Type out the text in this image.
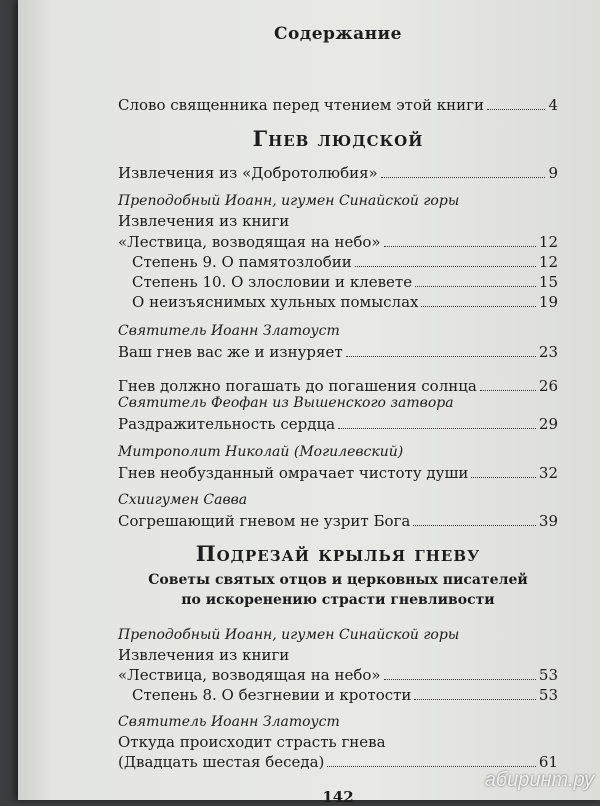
Содержание
Слово священника перед чтением этой книги	4
Гнев людской
Извлечения из «Добротолюбия»	9
Преподобный Иоанн, игумен Синайской горы
Извлечения из книги
«Лествица, возводящая на небо»	12
Степень 9. О памятозлобии	12
Степень 10. О злословии и клевете	15
О неизъяснимых хульных помыслах	19
Святитель Иоанн Златоуст
Ваш гнев вас же и изнуряет	23
Гнев должно погашать до погашения солнца	26
Святитель Феофан из Вышенского затвора
Раздражительность сердца	29
Митрополит Николай (Могилевский)
Гнев необузданный омрачает чистоту души	32
Схиигумен Савва
Согрешающий гневом не узрит Бога	39
Подрезай крылья гневу
Советы святых отцов и церковных писателей
по искоренению страсти гневливости
Преподобный Иоанн, игумен Синайской горы
Извлечения из книги
«Лествица, возводящая на небо»	53
Степень 8. О безгневии и кротости	53
Святитель Иоанн Златоуст
Откуда происходит страсть гнева
(Двадцать шестая беседа)	61
142
абиринт.ру
